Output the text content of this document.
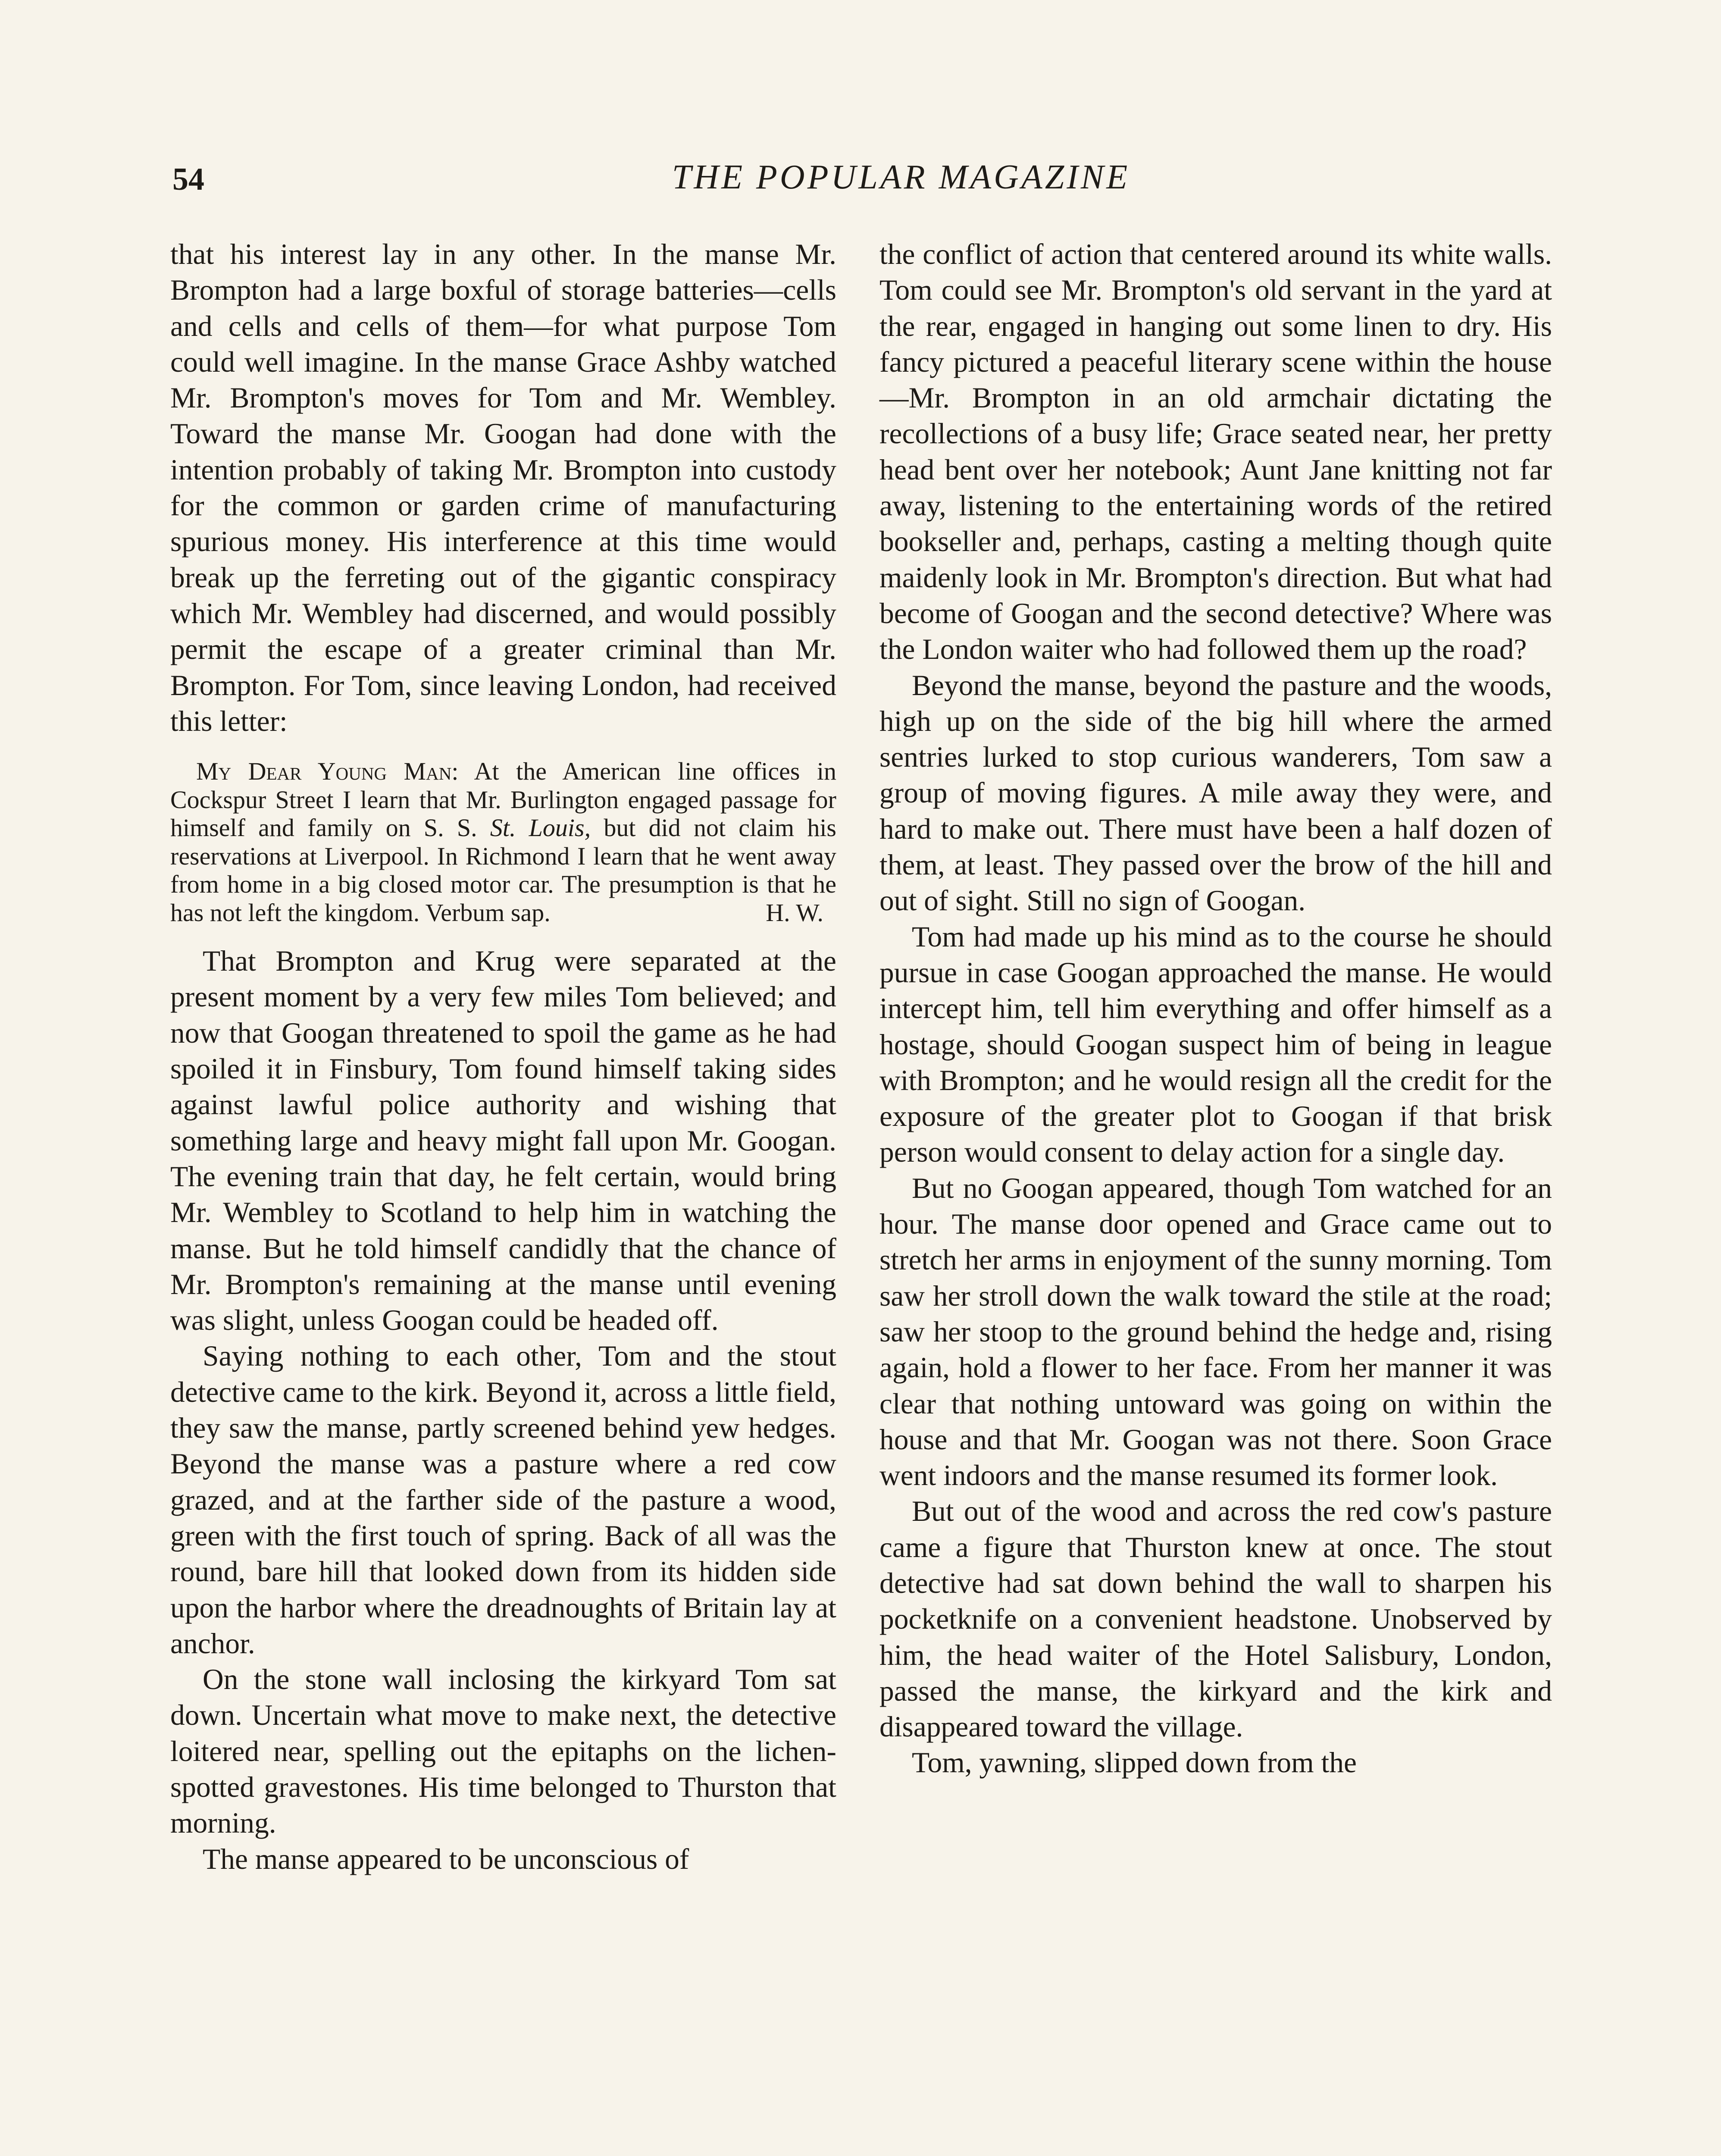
54	THE POPULAR MAGAZINE

that his interest lay in any other. In the manse Mr. Brompton had a large boxful of storage batteries—cells and cells and cells of them—for what purpose Tom could well imagine. In the manse Grace Ashby watched Mr. Brompton's moves for Tom and Mr. Wembley. Toward the manse Mr. Googan had done with the intention probably of taking Mr. Brompton into custody for the common or garden crime of manufacturing spurious money. His interference at this time would break up the ferreting out of the gigantic conspiracy which Mr. Wembley had discerned, and would possibly permit the escape of a greater criminal than Mr. Brompton. For Tom, since leaving London, had received this letter:

My Dear Young Man: At the American line offices in Cockspur Street I learn that Mr. Burlington engaged passage for himself and family on S. S. St. Louis, but did not claim his reservations at Liverpool. In Richmond I learn that he went away from home in a big closed motor car. The presumption is that he has not left the kingdom. Verbum sap.	H. W.

That Brompton and Krug were separated at the present moment by a very few miles Tom believed; and now that Googan threatened to spoil the game as he had spoiled it in Finsbury, Tom found himself taking sides against lawful police authority and wishing that something large and heavy might fall upon Mr. Googan. The evening train that day, he felt certain, would bring Mr. Wembley to Scotland to help him in watching the manse. But he told himself candidly that the chance of Mr. Brompton's remaining at the manse until evening was slight, unless Googan could be headed off.

Saying nothing to each other, Tom and the stout detective came to the kirk. Beyond it, across a little field, they saw the manse, partly screened behind yew hedges. Beyond the manse was a pasture where a red cow grazed, and at the farther side of the pasture a wood, green with the first touch of spring. Back of all was the round, bare hill that looked down from its hidden side upon the harbor where the dreadnoughts of Britain lay at anchor.

On the stone wall inclosing the kirkyard Tom sat down. Uncertain what move to make next, the detective loitered near, spelling out the epitaphs on the lichen-spotted gravestones. His time belonged to Thurston that morning.

The manse appeared to be unconscious of

the conflict of action that centered around its white walls. Tom could see Mr. Brompton's old servant in the yard at the rear, engaged in hanging out some linen to dry. His fancy pictured a peaceful literary scene within the house—Mr. Brompton in an old armchair dictating the recollections of a busy life; Grace seated near, her pretty head bent over her notebook; Aunt Jane knitting not far away, listening to the entertaining words of the retired bookseller and, perhaps, casting a melting though quite maidenly look in Mr. Brompton's direction. But what had become of Googan and the second detective? Where was the London waiter who had followed them up the road?

Beyond the manse, beyond the pasture and the woods, high up on the side of the big hill where the armed sentries lurked to stop curious wanderers, Tom saw a group of moving figures. A mile away they were, and hard to make out. There must have been a half dozen of them, at least. They passed over the brow of the hill and out of sight. Still no sign of Googan.

Tom had made up his mind as to the course he should pursue in case Googan approached the manse. He would intercept him, tell him everything and offer himself as a hostage, should Googan suspect him of being in league with Brompton; and he would resign all the credit for the exposure of the greater plot to Googan if that brisk person would consent to delay action for a single day.

But no Googan appeared, though Tom watched for an hour. The manse door opened and Grace came out to stretch her arms in enjoyment of the sunny morning. Tom saw her stroll down the walk toward the stile at the road; saw her stoop to the ground behind the hedge and, rising again, hold a flower to her face. From her manner it was clear that nothing untoward was going on within the house and that Mr. Googan was not there. Soon Grace went indoors and the manse resumed its former look.

But out of the wood and across the red cow's pasture came a figure that Thurston knew at once. The stout detective had sat down behind the wall to sharpen his pocketknife on a convenient headstone. Unobserved by him, the head waiter of the Hotel Salisbury, London, passed the manse, the kirkyard and the kirk and disappeared toward the village.

Tom, yawning, slipped down from the
